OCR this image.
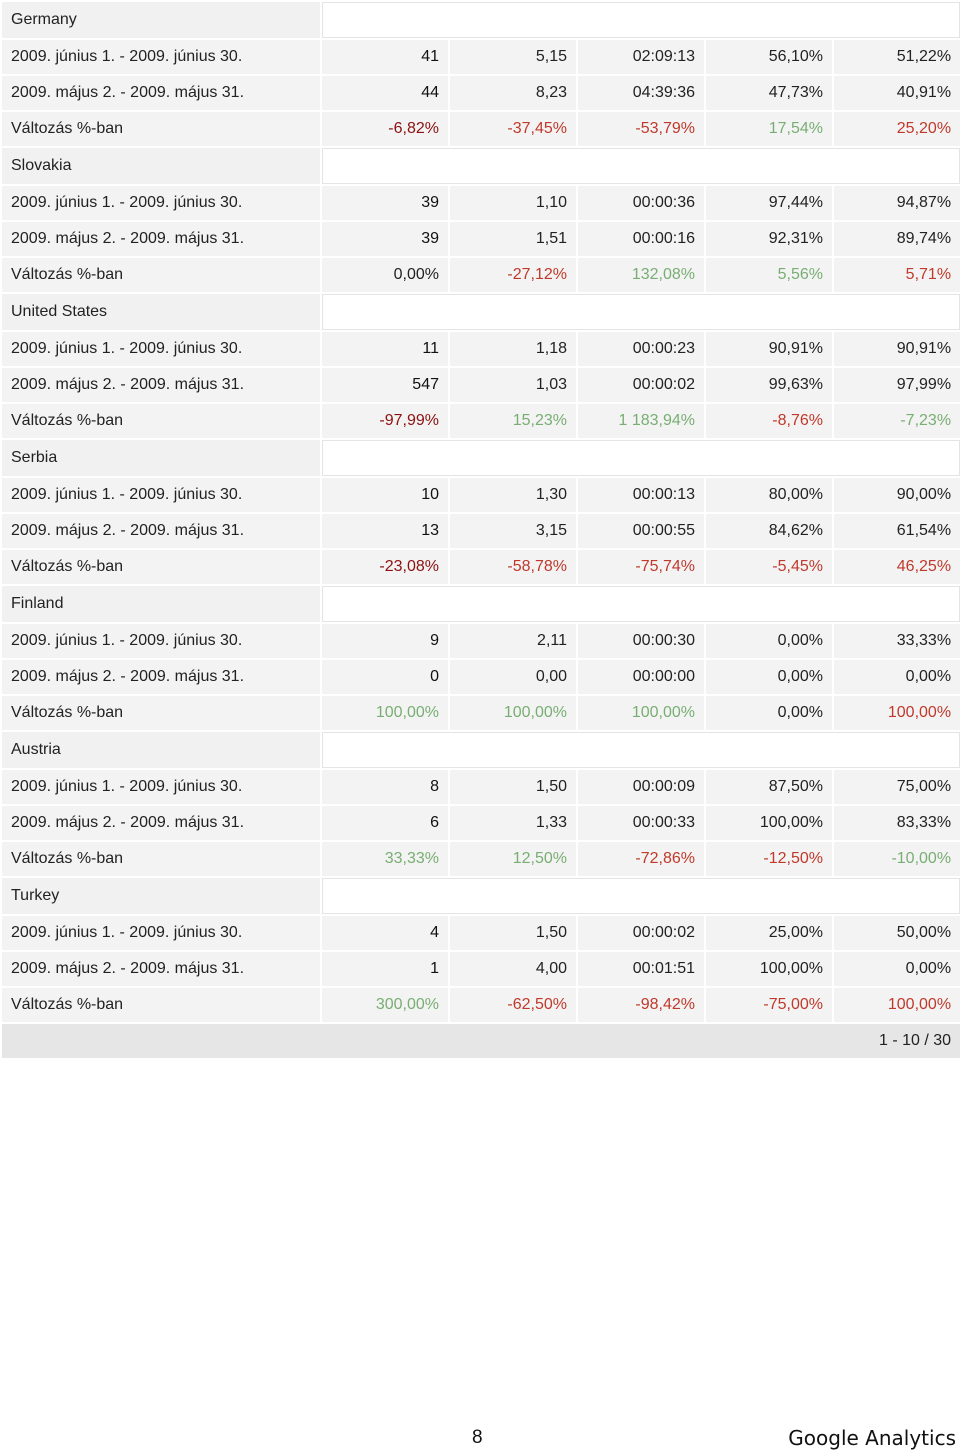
Germany					
2009. június 1. - 2009. június 30.	41	5,15	02:09:13	56,10%	51,22%
2009. május 2. - 2009. május 31.	44	8,23	04:39:36	47,73%	40,91%
Változás %-ban	-6,82%	-37,45%	-53,79%	17,54%	25,20%
Slovakia					
2009. június 1. - 2009. június 30.	39	1,10	00:00:36	97,44%	94,87%
2009. május 2. - 2009. május 31.	39	1,51	00:00:16	92,31%	89,74%
Változás %-ban	0,00%	-27,12%	132,08%	5,56%	5,71%
United States					
2009. június 1. - 2009. június 30.	11	1,18	00:00:23	90,91%	90,91%
2009. május 2. - 2009. május 31.	547	1,03	00:00:02	99,63%	97,99%
Változás %-ban	-97,99%	15,23%	1 183,94%	-8,76%	-7,23%
Serbia					
2009. június 1. - 2009. június 30.	10	1,30	00:00:13	80,00%	90,00%
2009. május 2. - 2009. május 31.	13	3,15	00:00:55	84,62%	61,54%
Változás %-ban	-23,08%	-58,78%	-75,74%	-5,45%	46,25%
Finland					
2009. június 1. - 2009. június 30.	9	2,11	00:00:30	0,00%	33,33%
2009. május 2. - 2009. május 31.	0	0,00	00:00:00	0,00%	0,00%
Változás %-ban	100,00%	100,00%	100,00%	0,00%	100,00%
Austria					
2009. június 1. - 2009. június 30.	8	1,50	00:00:09	87,50%	75,00%
2009. május 2. - 2009. május 31.	6	1,33	00:00:33	100,00%	83,33%
Változás %-ban	33,33%	12,50%	-72,86%	-12,50%	-10,00%
Turkey					
2009. június 1. - 2009. június 30.	4	1,50	00:00:02	25,00%	50,00%
2009. május 2. - 2009. május 31.	1	4,00	00:01:51	100,00%	0,00%
Változás %-ban	300,00%	-62,50%	-98,42%	-75,00%	100,00%
1 - 10 / 30					
8	Google Analytics
